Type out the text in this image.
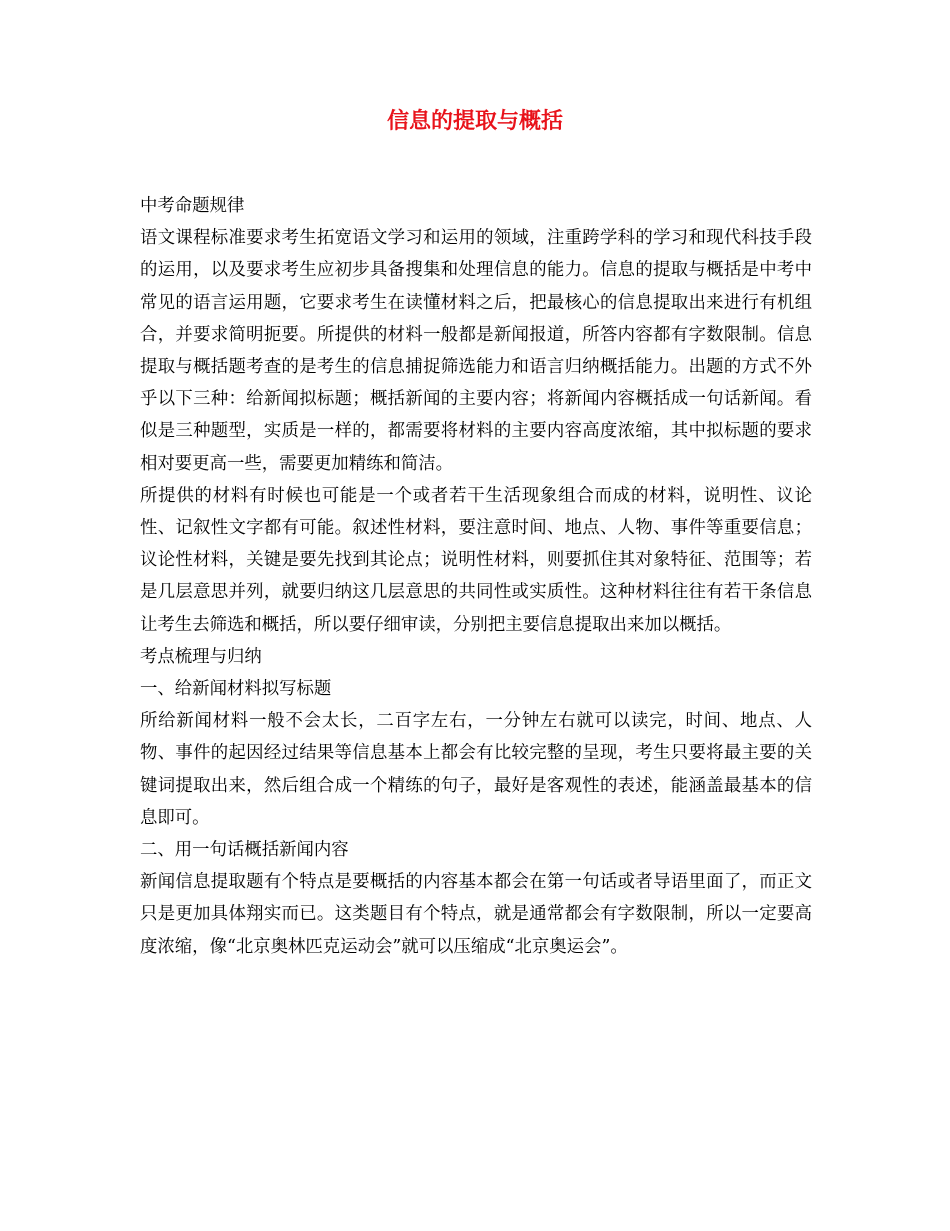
信息的提取与概括

中考命题规律

语文课程标准要求考生拓宽语文学习和运用的领域，注重跨学科的学习和现代科技手段的运用，以及要求考生应初步具备搜集和处理信息的能力。信息的提取与概括是中考中常见的语言运用题，它要求考生在读懂材料之后，把最核心的信息提取出来进行有机组合，并要求简明扼要。所提供的材料一般都是新闻报道，所答内容都有字数限制。信息提取与概括题考查的是考生的信息捕捉筛选能力和语言归纳概括能力。出题的方式不外乎以下三种：给新闻拟标题；概括新闻的主要内容；将新闻内容概括成一句话新闻。看似是三种题型，实质是一样的，都需要将材料的主要内容高度浓缩，其中拟标题的要求相对要更高一些，需要更加精练和简洁。

所提供的材料有时候也可能是一个或者若干生活现象组合而成的材料，说明性、议论性、记叙性文字都有可能。叙述性材料，要注意时间、地点、人物、事件等重要信息；议论性材料，关键是要先找到其论点；说明性材料，则要抓住其对象特征、范围等；若是几层意思并列，就要归纳这几层意思的共同性或实质性。这种材料往往有若干条信息让考生去筛选和概括，所以要仔细审读，分别把主要信息提取出来加以概括。

考点梳理与归纳

一、给新闻材料拟写标题

所给新闻材料一般不会太长，二百字左右，一分钟左右就可以读完，时间、地点、人物、事件的起因经过结果等信息基本上都会有比较完整的呈现，考生只要将最主要的关键词提取出来，然后组合成一个精练的句子，最好是客观性的表述，能涵盖最基本的信息即可。

二、用一句话概括新闻内容

新闻信息提取题有个特点是要概括的内容基本都会在第一句话或者导语里面了，而正文只是更加具体翔实而已。这类题目有个特点，就是通常都会有字数限制，所以一定要高度浓缩，像“北京奥林匹克运动会”就可以压缩成“北京奥运会”。
